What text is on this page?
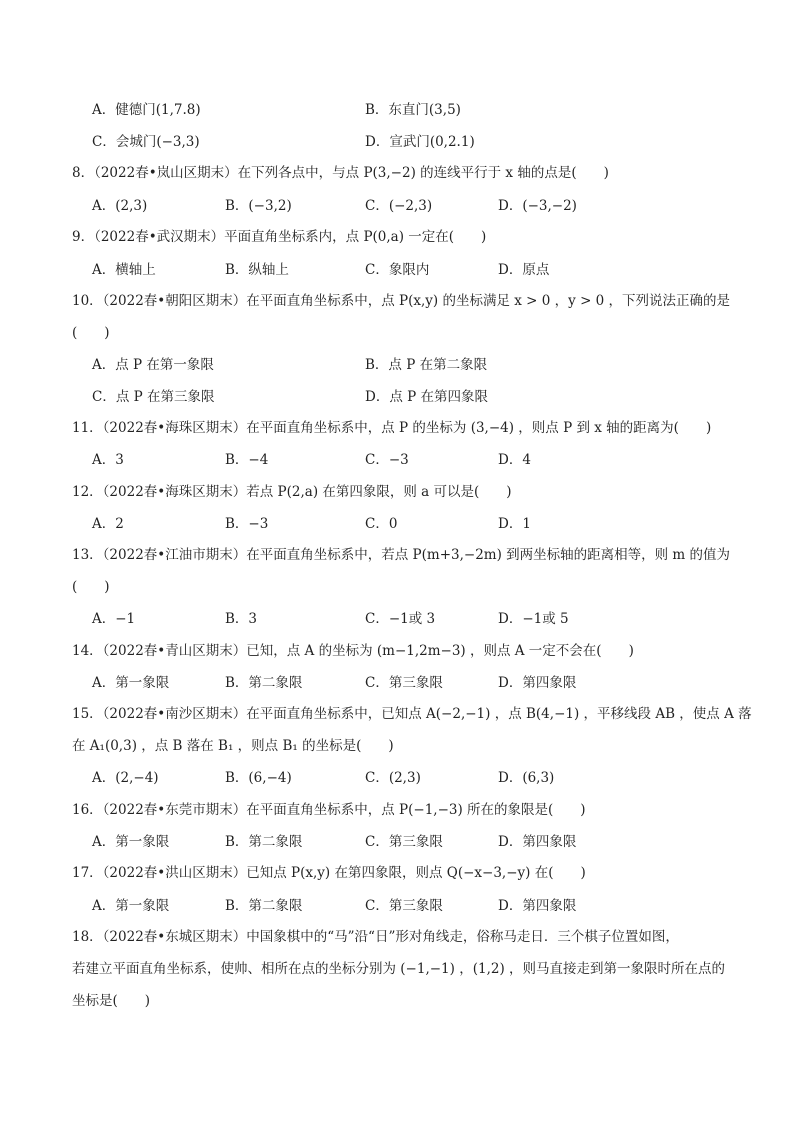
A．健德门(1,7.8)	B．东直门(3,5)
C．会城门(−3,3)	D．宣武门(0,2.1)
8．（2022春•岚山区期末）在下列各点中，与点 P(3,−2) 的连线平行于 x 轴的点是(　　)
A．(2,3)	B．(−3,2)	C．(−2,3)	D．(−3,−2)
9．（2022春•武汉期末）平面直角坐标系内，点 P(0,a) 一定在(　　)
A．横轴上	B．纵轴上	C．象限内	D．原点
10．（2022春•朝阳区期末）在平面直角坐标系中，点 P(x,y) 的坐标满足 x > 0 ，y > 0 ，下列说法正确的是
(　　)
A．点 P 在第一象限	B．点 P 在第二象限
C．点 P 在第三象限	D．点 P 在第四象限
11．（2022春•海珠区期末）在平面直角坐标系中，点 P 的坐标为 (3,−4) ，则点 P 到 x 轴的距离为(　　)
A．3	B．−4	C．−3	D．4
12．（2022春•海珠区期末）若点 P(2,a) 在第四象限，则 a 可以是(　　)
A．2	B．−3	C．0	D．1
13．（2022春•江油市期末）在平面直角坐标系中，若点 P(m+3,−2m) 到两坐标轴的距离相等，则 m 的值为
(　　)
A．−1	B．3	C．−1或 3	D．−1或 5
14．（2022春•青山区期末）已知，点 A 的坐标为 (m−1,2m−3) ，则点 A 一定不会在(　　)
A．第一象限	B．第二象限	C．第三象限	D．第四象限
15．（2022春•南沙区期末）在平面直角坐标系中，已知点 A(−2,−1) ，点 B(4,−1) ，平移线段 AB ，使点 A 落
在 A₁(0,3) ，点 B 落在 B₁ ，则点 B₁ 的坐标是(　　)
A．(2,−4)	B．(6,−4)	C．(2,3)	D．(6,3)
16．（2022春•东莞市期末）在平面直角坐标系中，点 P(−1,−3) 所在的象限是(　　)
A．第一象限	B．第二象限	C．第三象限	D．第四象限
17．（2022春•洪山区期末）已知点 P(x,y) 在第四象限，则点 Q(−x−3,−y) 在(　　)
A．第一象限	B．第二象限	C．第三象限	D．第四象限
18．（2022春•东城区期末）中国象棋中的“马”沿“日”形对角线走，俗称马走日．三个棋子位置如图，
若建立平面直角坐标系，使帅、相所在点的坐标分别为 (−1,−1) ，(1,2) ，则马直接走到第一象限时所在点的
坐标是(　　)
